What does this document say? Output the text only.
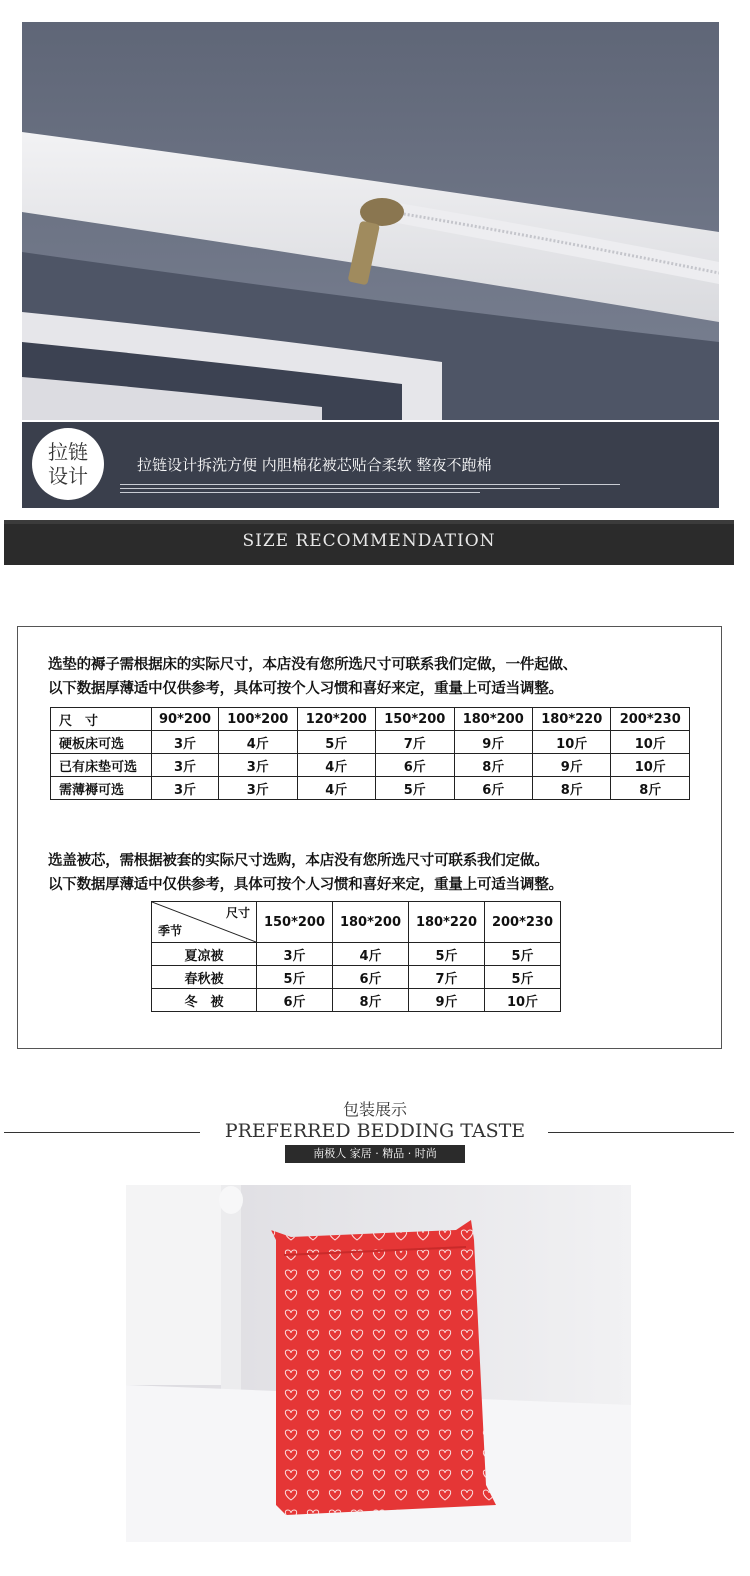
拉链
设计	拉链设计拆洗方便 内胆棉花被芯贴合柔软 整夜不跑棉
SIZE RECOMMENDATION
选垫的褥子需根据床的实际尺寸，本店没有您所选尺寸可联系我们定做，一件起做、
以下数据厚薄适中仅供参考，具体可按个人习惯和喜好来定，重量上可适当调整。
尺　寸	90*200	100*200	120*200	150*200	180*200	180*220	200*230
硬板床可选	3斤	4斤	5斤	7斤	9斤	10斤	10斤
已有床垫可选	3斤	3斤	4斤	6斤	8斤	9斤	10斤
需薄褥可选	3斤	3斤	4斤	5斤	6斤	8斤	8斤
选盖被芯，需根据被套的实际尺寸选购，本店没有您所选尺寸可联系我们定做。
以下数据厚薄适中仅供参考，具体可按个人习惯和喜好来定，重量上可适当调整。
尺寸
季节	150*200	180*200	180*220	200*230
夏凉被	3斤	4斤	5斤	5斤
春秋被	5斤	6斤	7斤	5斤
冬　被	6斤	8斤	9斤	10斤
包装展示
PREFERRED BEDDING TASTE
南极人 家居 · 精品 · 时尚
